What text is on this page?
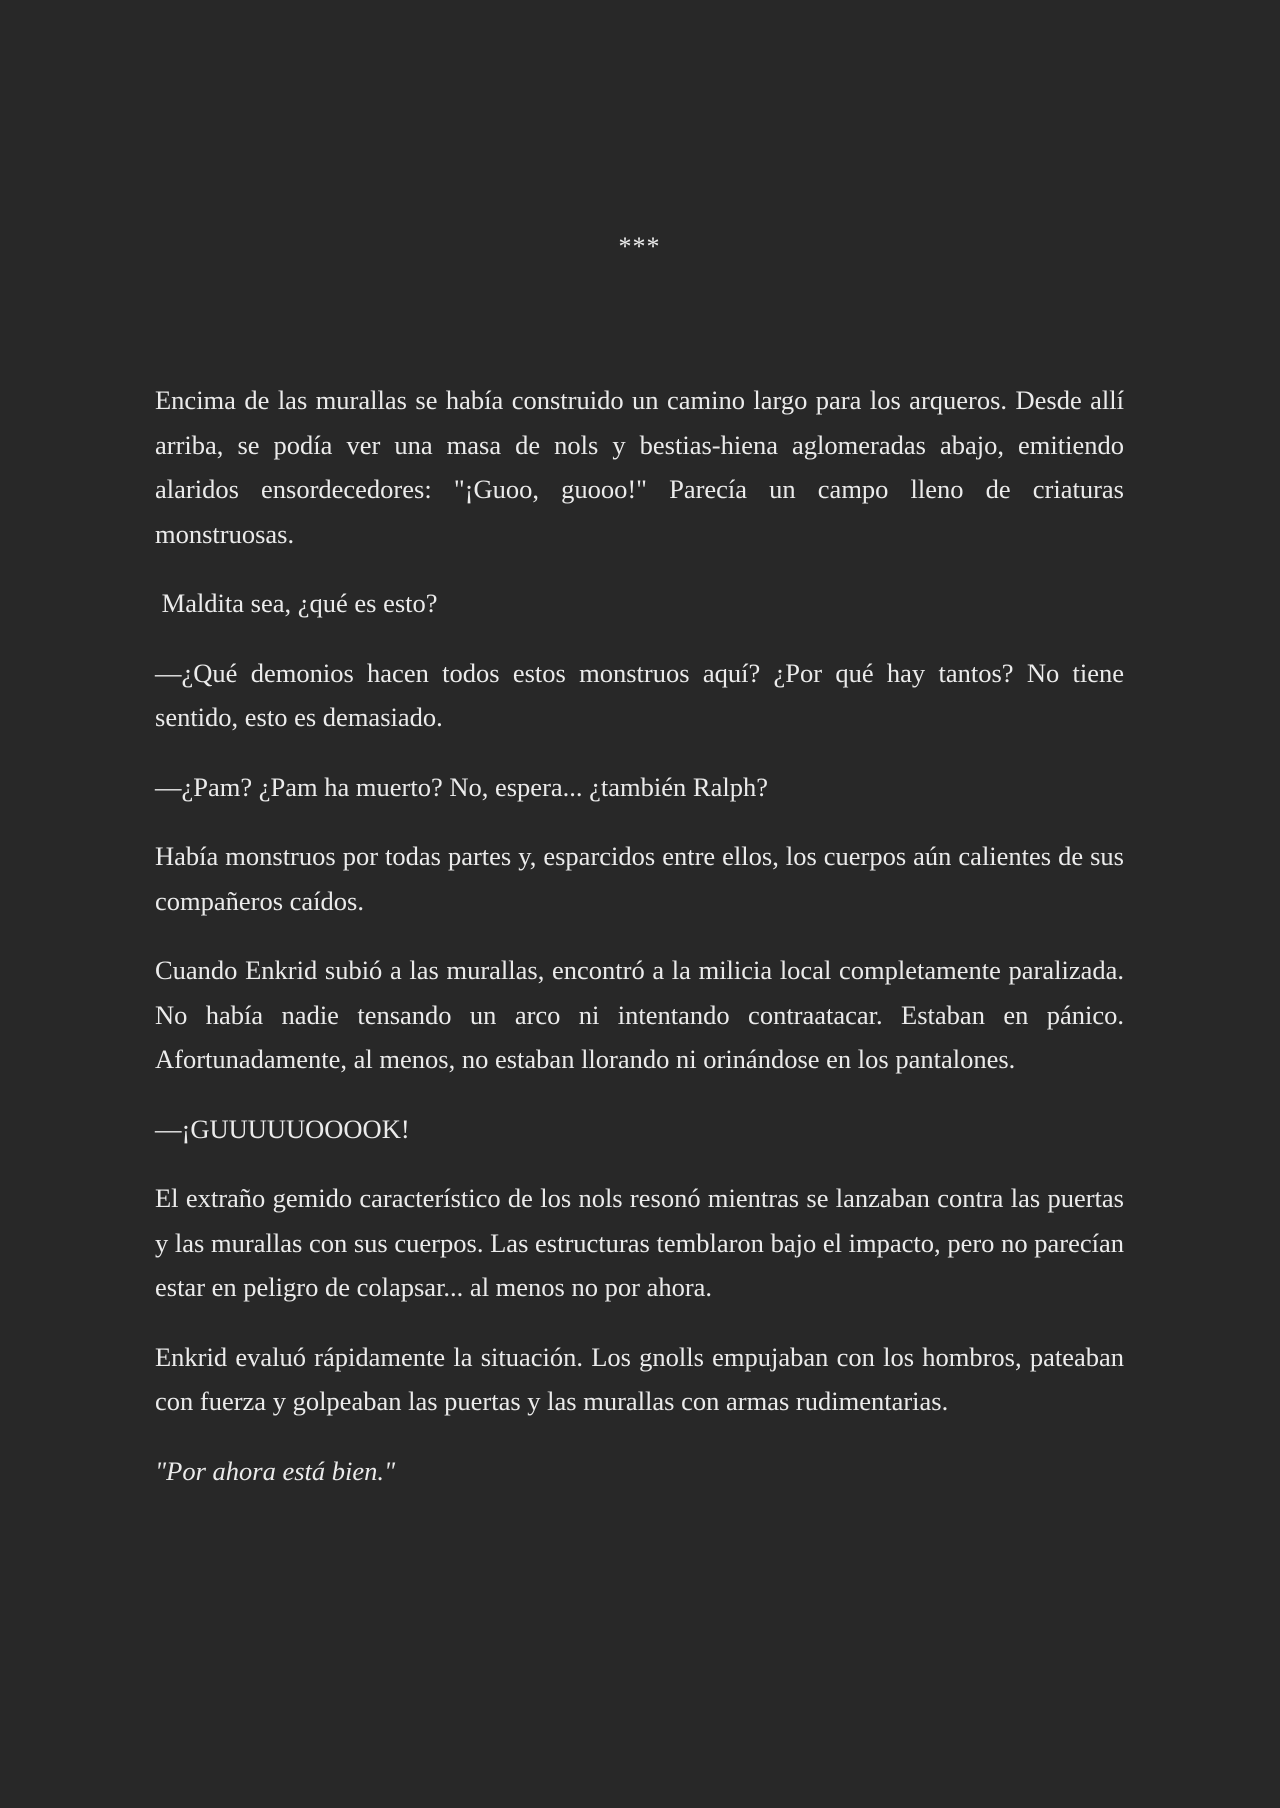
***

Encima de las murallas se había construido un camino largo para los arqueros. Desde allí arriba, se podía ver una masa de nols y bestias-hiena aglomeradas abajo, emitiendo alaridos ensordecedores: "¡Guoo, guooo!" Parecía un campo lleno de criaturas monstruosas.

Maldita sea, ¿qué es esto?

—¿Qué demonios hacen todos estos monstruos aquí? ¿Por qué hay tantos? No tiene sentido, esto es demasiado.

—¿Pam? ¿Pam ha muerto? No, espera... ¿también Ralph?

Había monstruos por todas partes y, esparcidos entre ellos, los cuerpos aún calientes de sus compañeros caídos.

Cuando Enkrid subió a las murallas, encontró a la milicia local completamente paralizada. No había nadie tensando un arco ni intentando contraatacar. Estaban en pánico. Afortunadamente, al menos, no estaban llorando ni orinándose en los pantalones.

—¡GUUUUUOOOOK!

El extraño gemido característico de los nols resonó mientras se lanzaban contra las puertas y las murallas con sus cuerpos. Las estructuras temblaron bajo el impacto, pero no parecían estar en peligro de colapsar... al menos no por ahora.

Enkrid evaluó rápidamente la situación. Los gnolls empujaban con los hombros, pateaban con fuerza y golpeaban las puertas y las murallas con armas rudimentarias.

"Por ahora está bien."
